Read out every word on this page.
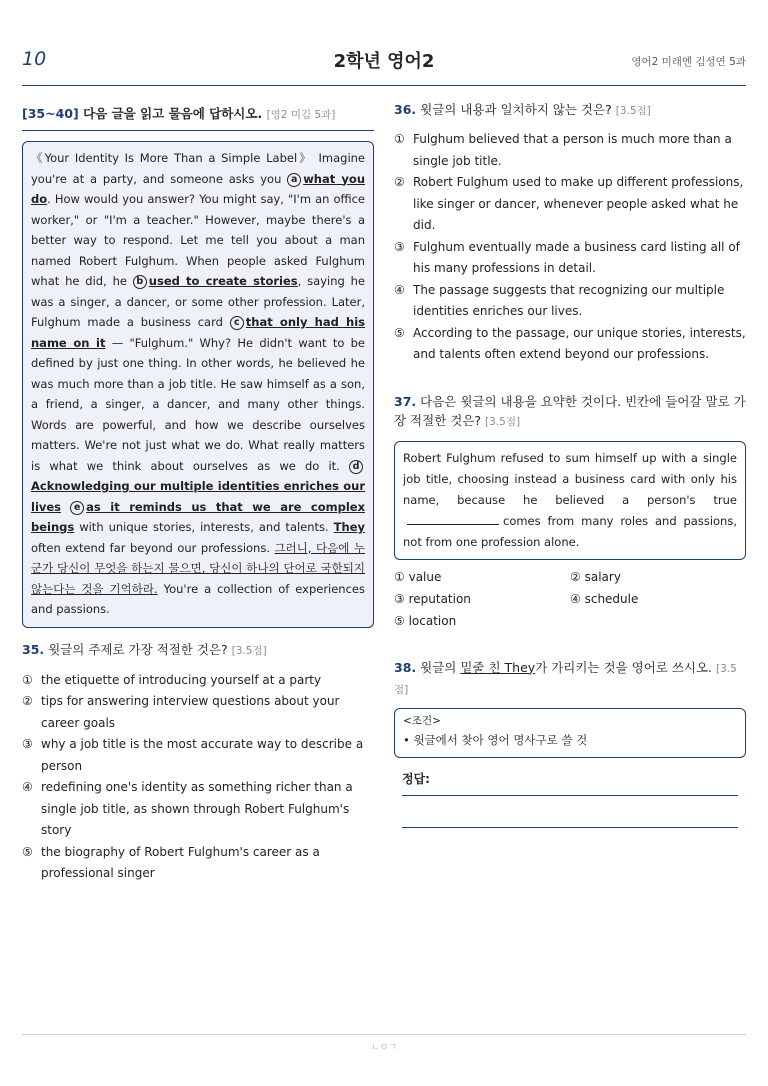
10	2학년 영어2	영어2 미래엔 김성연 5과
[35~40] 다음 글을 읽고 물음에 답하시오. [영2 미김 5과]
《Your Identity Is More Than a Simple Label》 Imagine you're at a party, and someone asks you a what you do. How would you answer? You might say, "I'm an office worker," or "I'm a teacher." However, maybe there's a better way to respond. Let me tell you about a man named Robert Fulghum. When people asked Fulghum what he did, he b used to create stories, saying he was a singer, a dancer, or some other profession. Later, Fulghum made a business card c that only had his name on it — "Fulghum." Why? He didn't want to be defined by just one thing. In other words, he believed he was much more than a job title. He saw himself as a son, a friend, a singer, a dancer, and many other things. Words are powerful, and how we describe ourselves matters. We're not just what we do. What really matters is what we think about ourselves as we do it. dAcknowledging our multiple identities enriches our lives e as it reminds us that we are complex beings with unique stories, interests, and talents. They often extend far beyond our professions. 그러니, 다음에 누군가 당신이 무엇을 하는지 물으면, 당신이 하나의 단어로 국한되지 않는다는 것을 기억하라. You're a collection of experiences and passions.
35. 윗글의 주제로 가장 적절한 것은? [3.5점]
① the etiquette of introducing yourself at a party
② tips for answering interview questions about your career goals
③ why a job title is the most accurate way to describe a person
④ redefining one's identity as something richer than a single job title, as shown through Robert Fulghum's story
⑤ the biography of Robert Fulghum's career as a professional singer
36. 윗글의 내용과 일치하지 않는 것은? [3.5점]
① Fulghum believed that a person is much more than a single job title.
② Robert Fulghum used to make up different professions, like singer or dancer, whenever people asked what he did.
③ Fulghum eventually made a business card listing all of his many professions in detail.
④ The passage suggests that recognizing our multiple identities enriches our lives.
⑤ According to the passage, our unique stories, interests, and talents often extend beyond our professions.
37. 다음은 윗글의 내용을 요약한 것이다. 빈칸에 들어갈 말로 가장 적절한 것은? [3.5점]
Robert Fulghum refused to sum himself up with a single job title, choosing instead a business card with only his name, because he believed a person's truecomes from many roles and passions, not from one profession alone.
① value	② salary
③ reputation	④ schedule
⑤ location
38. 윗글의 밑줄 친 They가 가리키는 것을 영어로 쓰시오. [3.5점]
<조건>
• 윗글에서 찾아 영어 명사구로 쓸 것
정답:
ㄴㅇㄱ
